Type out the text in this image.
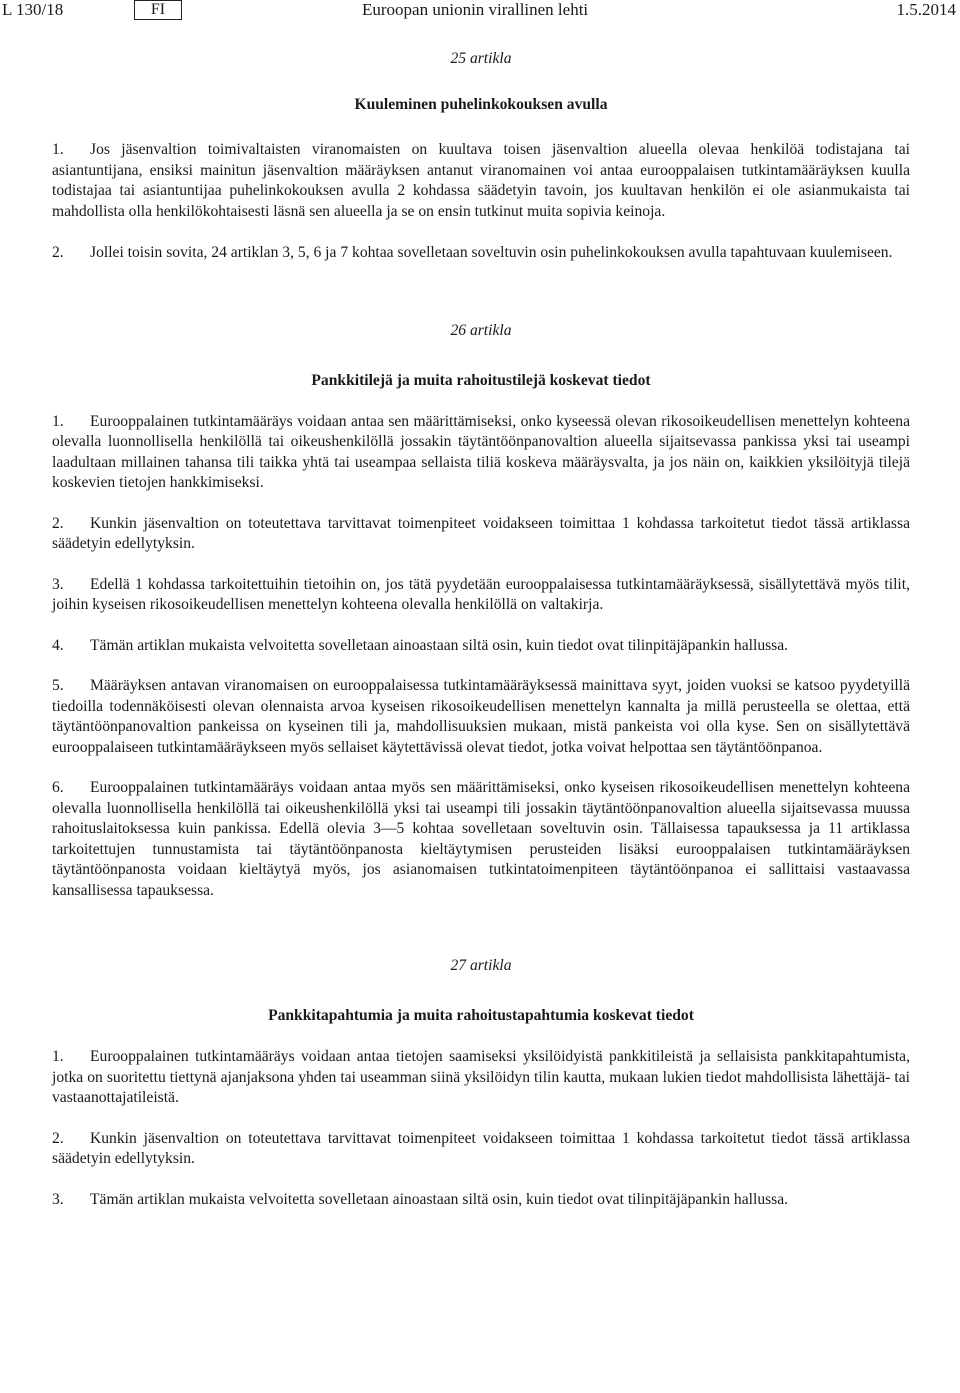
L 130/18	FI	Euroopan unionin virallinen lehti	1.5.2014

25 artikla

Kuuleminen puhelinkokouksen avulla

1. Jos jäsenvaltion toimivaltaisten viranomaisten on kuultava toisen jäsenvaltion alueella olevaa henkilöä todistajana tai asiantuntijana, ensiksi mainitun jäsenvaltion määräyksen antanut viranomainen voi antaa eurooppalaisen tutkintamääräyksen kuulla todistajaa tai asiantuntijaa puhelinkokouksen avulla 2 kohdassa säädetyin tavoin, jos kuultavan henkilön ei ole asianmukaista tai mahdollista olla henkilökohtaisesti läsnä sen alueella ja se on ensin tutkinut muita sopivia keinoja.

2. Jollei toisin sovita, 24 artiklan 3, 5, 6 ja 7 kohtaa sovelletaan soveltuvin osin puhelinkokouksen avulla tapahtuvaan kuulemiseen.

26 artikla

Pankkitilejä ja muita rahoitustilejä koskevat tiedot

1. Eurooppalainen tutkintamääräys voidaan antaa sen määrittämiseksi, onko kyseessä olevan rikosoikeudellisen menettelyn kohteena olevalla luonnollisella henkilöllä tai oikeushenkilöllä jossakin täytäntöönpanovaltion alueella sijaitsevassa pankissa yksi tai useampi laadultaan millainen tahansa tili taikka yhtä tai useampaa sellaista tiliä koskeva määräysvalta, ja jos näin on, kaikkien yksilöityjä tilejä koskevien tietojen hankkimiseksi.

2. Kunkin jäsenvaltion on toteutettava tarvittavat toimenpiteet voidakseen toimittaa 1 kohdassa tarkoitetut tiedot tässä artiklassa säädetyin edellytyksin.

3. Edellä 1 kohdassa tarkoitettuihin tietoihin on, jos tätä pyydetään eurooppalaisessa tutkintamääräyksessä, sisällytettävä myös tilit, joihin kyseisen rikosoikeudellisen menettelyn kohteena olevalla henkilöllä on valtakirja.

4. Tämän artiklan mukaista velvoitetta sovelletaan ainoastaan siltä osin, kuin tiedot ovat tilinpitäjäpankin hallussa.

5. Määräyksen antavan viranomaisen on eurooppalaisessa tutkintamääräyksessä mainittava syyt, joiden vuoksi se katsoo pyydetyillä tiedoilla todennäköisesti olevan olennaista arvoa kyseisen rikosoikeudellisen menettelyn kannalta ja millä perusteella se olettaa, että täytäntöönpanovaltion pankeissa on kyseinen tili ja, mahdollisuuksien mukaan, mistä pankeista voi olla kyse. Sen on sisällytettävä eurooppalaiseen tutkintamääräykseen myös sellaiset käytettävissä olevat tiedot, jotka voivat helpottaa sen täytäntöönpanoa.

6. Eurooppalainen tutkintamääräys voidaan antaa myös sen määrittämiseksi, onko kyseisen rikosoikeudellisen menettelyn kohteena olevalla luonnollisella henkilöllä tai oikeushenkilöllä yksi tai useampi tili jossakin täytäntöönpanovaltion alueella sijaitsevassa muussa rahoituslaitoksessa kuin pankissa. Edellä olevia 3—5 kohtaa sovelletaan soveltuvin osin. Tällaisessa tapauksessa ja 11 artiklassa tarkoitettujen tunnustamista tai täytäntöönpanosta kieltäytymisen perusteiden lisäksi eurooppalaisen tutkintamääräyksen täytäntöönpanosta voidaan kieltäytyä myös, jos asianomaisen tutkintatoimenpiteen täytäntöönpanoa ei sallittaisi vastaavassa kansallisessa tapauksessa.

27 artikla

Pankkitapahtumia ja muita rahoitustapahtumia koskevat tiedot

1. Eurooppalainen tutkintamääräys voidaan antaa tietojen saamiseksi yksilöidyistä pankkitileistä ja sellaisista pankkitapahtumista, jotka on suoritettu tiettynä ajanjaksona yhden tai useamman siinä yksilöidyn tilin kautta, mukaan lukien tiedot mahdollisista lähettäjä- tai vastaanottajatileistä.

2. Kunkin jäsenvaltion on toteutettava tarvittavat toimenpiteet voidakseen toimittaa 1 kohdassa tarkoitetut tiedot tässä artiklassa säädetyin edellytyksin.

3. Tämän artiklan mukaista velvoitetta sovelletaan ainoastaan siltä osin, kuin tiedot ovat tilinpitäjäpankin hallussa.
